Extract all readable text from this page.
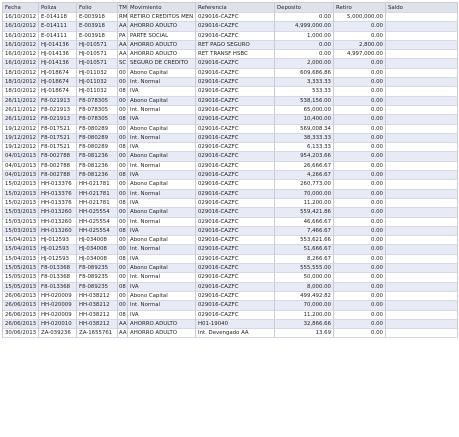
Fecha	Poliza	Folio	TM Movimiento	Referencia	Deposito	Retiro	Saldo
16/10/2012 E-014118	E-003918	RM RETIRO CREDITOS MEN 029016-CAZFC	0.00	5,000,000.00
16/10/2012 E-014111	E-003918	AA AHORRO ADULTO	029016-CAZFC	4,999,000.00	0.00
16/10/2012 E-014111	E-003918	PA PARTE SOCIAL	029016-CAZFC	1,000.00	0.00
16/10/2012 HJ-014136	HJ-010571	AA AHORRO ADULTO	RET PAGO SEGURO	0.00	2,800.00
16/10/2012 HJ-014136	HJ-010571	AA AHORRO ADULTO	RET TRANSF HSBC	0.00	4,997,000.00
16/10/2012 HJ-014136	HJ-010571	SC SEGURO DE CREDITO	029016-CAZFC	2,000.00	0.00
18/10/2012 HJ-018674	HJ-011032	00 Abono Capital	029016-CAZFC	609,686.86	0.00
18/10/2012 HJ-018674	HJ-011032	00 Int. Normal	029016-CAZFC	3,333.33	0.00
18/10/2012 HJ-018674	HJ-011032	08 IVA	029016-CAZFC	533.33	0.00
26/11/2012 F8-021913	F8-078305	00 Abono Capital	029016-CAZFC	538,156.00	0.00
26/11/2012 F8-021913	F8-078305	00 Int. Normal	029016-CAZFC	65,000.00	0.00
26/11/2012 F8-021913	F8-078305	08 IVA	029016-CAZFC	10,400.00	0.00
19/12/2012 F8-017521	F8-080289	00 Abono Capital	029016-CAZFC	569,008.34	0.00
19/12/2012 F8-017521	F8-080289	00 Int. Normal	029016-CAZFC	38,333.33	0.00
19/12/2012 F8-017521	F8-080289	08 IVA	029016-CAZFC	6,133.33	0.00
04/01/2013 F8-002788	F8-081236	00 Abono Capital	029016-CAZFC	954,203.66	0.00
04/01/2013 F8-002788	F8-081236	00 Int. Normal	029016-CAZFC	26,666.67	0.00
04/01/2013 F8-002788	F8-081236	08 IVA	029016-CAZFC	4,266.67	0.00
15/02/2013 HH-013376	HH-021781	00 Abono Capital	029016-CAZFC	260,773.00	0.00
15/02/2013 HH-013376	HH-021781	00 Int. Normal	029016-CAZFC	70,000.00	0.00
15/02/2013 HH-013376	HH-021781	08 IVA	029016-CAZFC	11,200.00	0.00
15/03/2013 HH-013260	HH-025554	00 Abono Capital	029016-CAZFC	559,421.86	0.00
15/03/2013 HH-013260	HH-025554	00 Int. Normal	029016-CAZFC	46,666.67	0.00
15/03/2013 HH-013260	HH-025554	08 IVA	029016-CAZFC	7,466.67	0.00
15/04/2013 HJ-012593	HJ-034008	00 Abono Capital	029016-CAZFC	553,621.66	0.00
15/04/2013 HJ-012593	HJ-034008	00 Int. Normal	029016-CAZFC	51,666.67	0.00
15/04/2013 HJ-012593	HJ-034008	08 IVA	029016-CAZFC	8,266.67	0.00
15/05/2013 F8-013368	F8-089235	00 Abono Capital	029016-CAZFC	555,555.00	0.00
15/05/2013 F8-013368	F8-089235	00 Int. Normal	029016-CAZFC	50,000.00	0.00
15/05/2013 F8-013368	F8-089235	08 IVA	029016-CAZFC	8,000.00	0.00
26/06/2013 HH-020009	HH-038212	00 Abono Capital	029016-CAZFC	499,492.82	0.00
26/06/2013 HH-020009	HH-038212	00 Int. Normal	029016-CAZFC	70,000.00	0.00
26/06/2013 HH-020009	HH-038212	08 IVA	029016-CAZFC	11,200.00	0.00
26/06/2013 HH-020010	HH-038212	AA AHORRO ADULTO	H01-19040	32,866.66	0.00
30/06/2013 ZA-039236	ZA-1655761	AA AHORRO ADULTO	Int. Devengado AA	13.69	0.00
